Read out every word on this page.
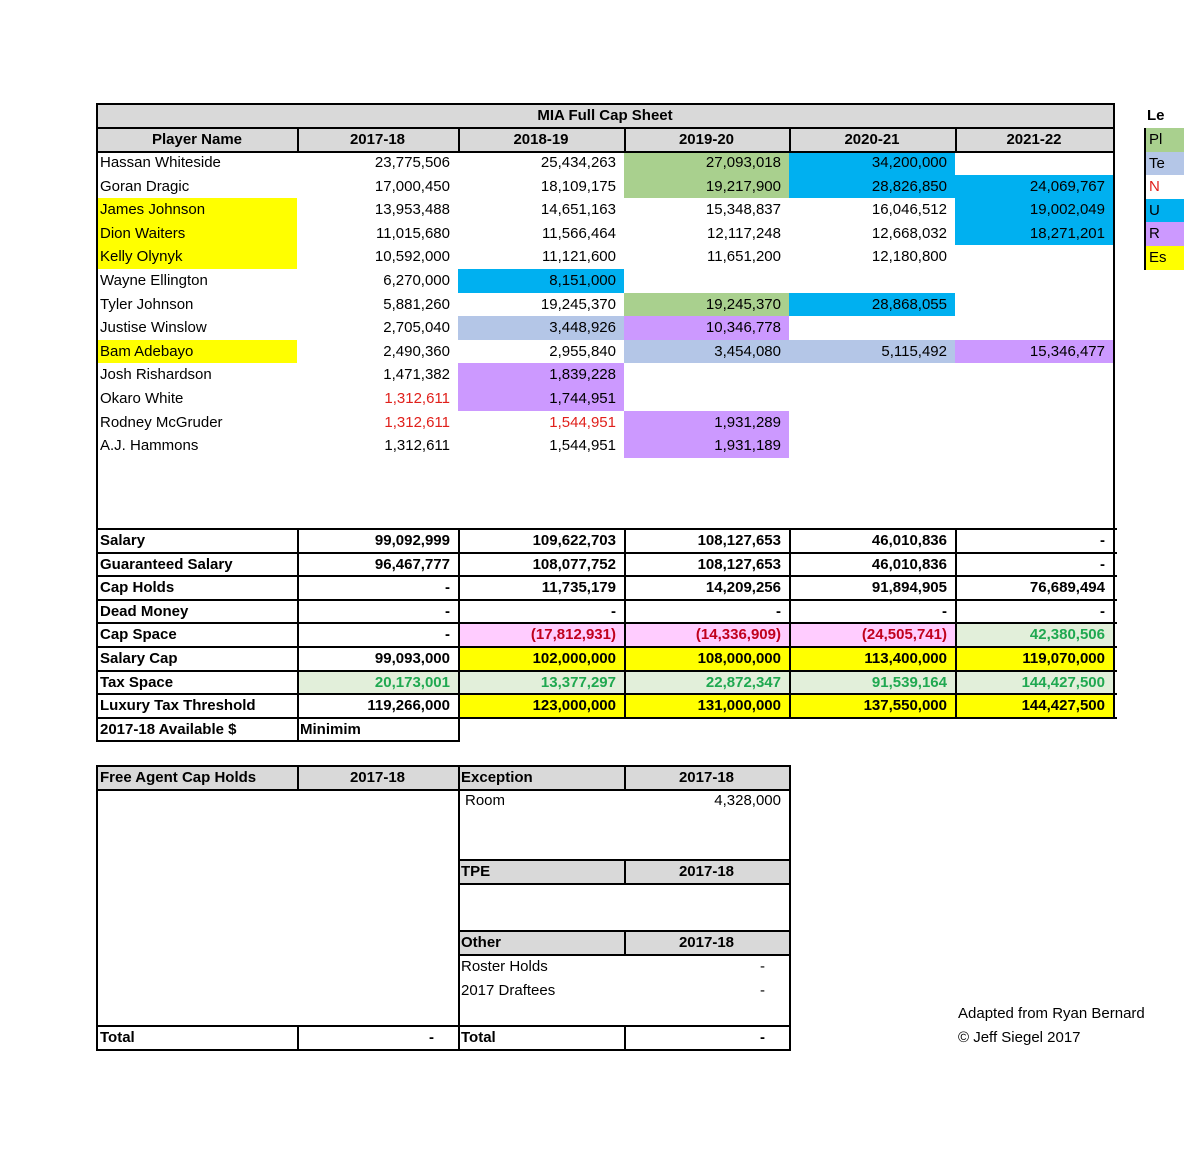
MIA Full Cap Sheet
Player Name	2017-18	2018-19	2019-20	2020-21	2021-22
Hassan Whiteside	23,775,506	25,434,263	27,093,018	34,200,000
Goran Dragic	17,000,450	18,109,175	19,217,900	28,826,850	24,069,767
James Johnson	13,953,488	14,651,163	15,348,837	16,046,512	19,002,049
Dion Waiters	11,015,680	11,566,464	12,117,248	12,668,032	18,271,201
Kelly Olynyk	10,592,000	11,121,600	11,651,200	12,180,800
Wayne Ellington	6,270,000	8,151,000
Tyler Johnson	5,881,260	19,245,370	19,245,370	28,868,055
Justise Winslow	2,705,040	3,448,926	10,346,778
Bam Adebayo	2,490,360	2,955,840	3,454,080	5,115,492	15,346,477
Josh Rishardson	1,471,382	1,839,228
Okaro White	1,312,611	1,744,951
Rodney McGruder	1,312,611	1,544,951	1,931,289
A.J. Hammons	1,312,611	1,544,951	1,931,189
Salary	99,092,999	109,622,703	108,127,653	46,010,836	-
Guaranteed Salary	96,467,777	108,077,752	108,127,653	46,010,836	-
Cap Holds	-	11,735,179	14,209,256	91,894,905	76,689,494
Dead Money	-	-	-	-	-
Cap Space	-	(17,812,931)	(14,336,909)	(24,505,741)	42,380,506
Salary Cap	99,093,000	102,000,000	108,000,000	113,400,000	119,070,000
Tax Space	20,173,001	13,377,297	22,872,347	91,539,164	144,427,500
Luxury Tax Threshold	119,266,000	123,000,000	131,000,000	137,550,000	144,427,500
2017-18 Available $	Minimim
Free Agent Cap Holds	2017-18	Exception	2017-18
Room	4,328,000
TPE	2017-18
Other	2017-18
Roster Holds	-
2017 Draftees	-
Total	-	Total	-
Le
Pl
Te
N
U
R
Es
Adapted from Ryan Bernard
© Jeff Siegel 2017
